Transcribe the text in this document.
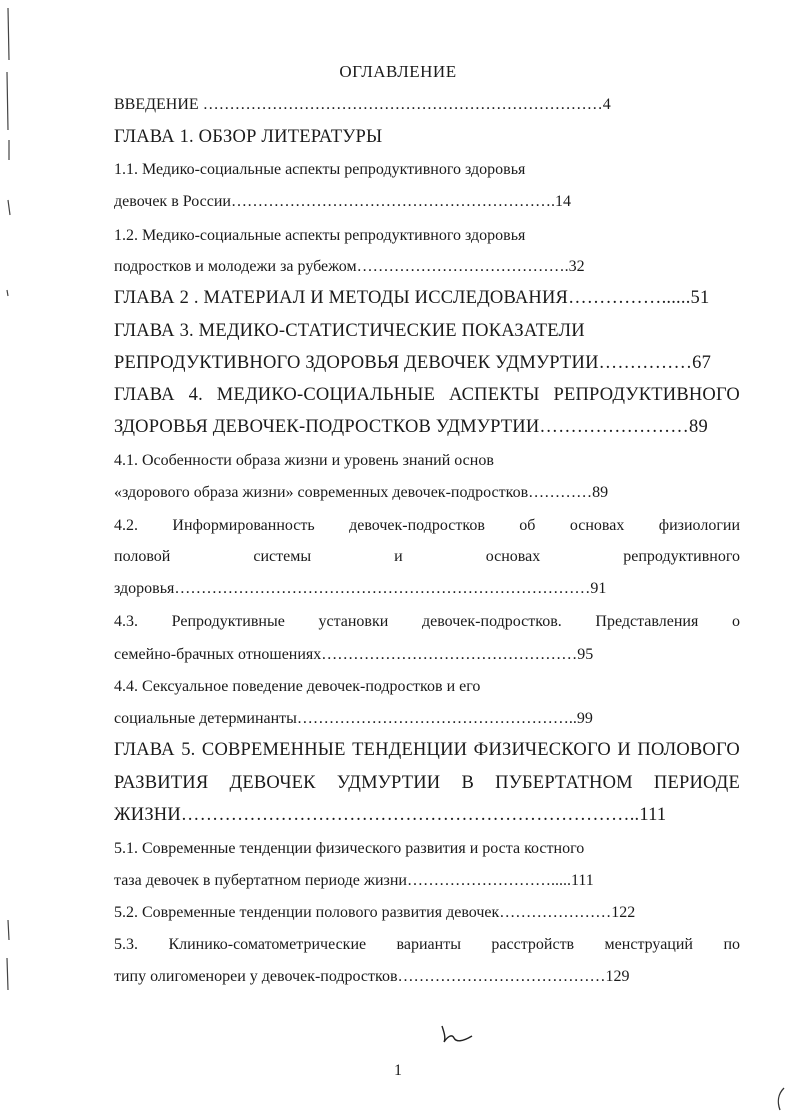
ОГЛАВЛЕНИЕ
ВВЕДЕНИЕ …………………………………………………………………4
ГЛАВА 1. ОБЗОР ЛИТЕРАТУРЫ
1.1. Медико-социальные аспекты репродуктивного здоровья
девочек в России…………………………………………………….14
1.2. Медико-социальные аспекты репродуктивного здоровья
подростков и молодежи за рубежом………………………………….32
ГЛАВА 2 . МАТЕРИАЛ И МЕТОДЫ ИССЛЕДОВАНИЯ……………......51
ГЛАВА 3. МЕДИКО-СТАТИСТИЧЕСКИЕ ПОКАЗАТЕЛИ
РЕПРОДУКТИВНОГО ЗДОРОВЬЯ ДЕВОЧЕК УДМУРТИИ……………67
ГЛАВА 4. МЕДИКО-СОЦИАЛЬНЫЕ АСПЕКТЫ РЕПРОДУКТИВНОГО
ЗДОРОВЬЯ ДЕВОЧЕК-ПОДРОСТКОВ УДМУРТИИ……………………89
4.1. Особенности образа жизни и уровень знаний основ
«здорового образа жизни» современных девочек-подростков…………89
4.2. Информированность девочек-подростков об основах физиологии
половой системы и основах репродуктивного
здоровья……………………………………………………………………91
4.3. Репродуктивные установки девочек-подростков. Представления о
семейно-брачных отношениях…………………………………………95
4.4. Сексуальное поведение девочек-подростков и его
социальные детерминанты……………………………………………..99
ГЛАВА 5. СОВРЕМЕННЫЕ ТЕНДЕНЦИИ ФИЗИЧЕСКОГО И ПОЛОВОГО
РАЗВИТИЯ ДЕВОЧЕК УДМУРТИИ В ПУБЕРТАТНОМ ПЕРИОДЕ
ЖИЗНИ………………………………………………………………..111
5.1. Современные тенденции физического развития и роста костного
таза девочек в пубертатном периоде жизни……………………….....111
5.2. Современные тенденции полового развития девочек…………………122
5.3. Клинико-соматометрические варианты расстройств менструаций по
типу олигоменореи у девочек-подростков…………………………………129
1
